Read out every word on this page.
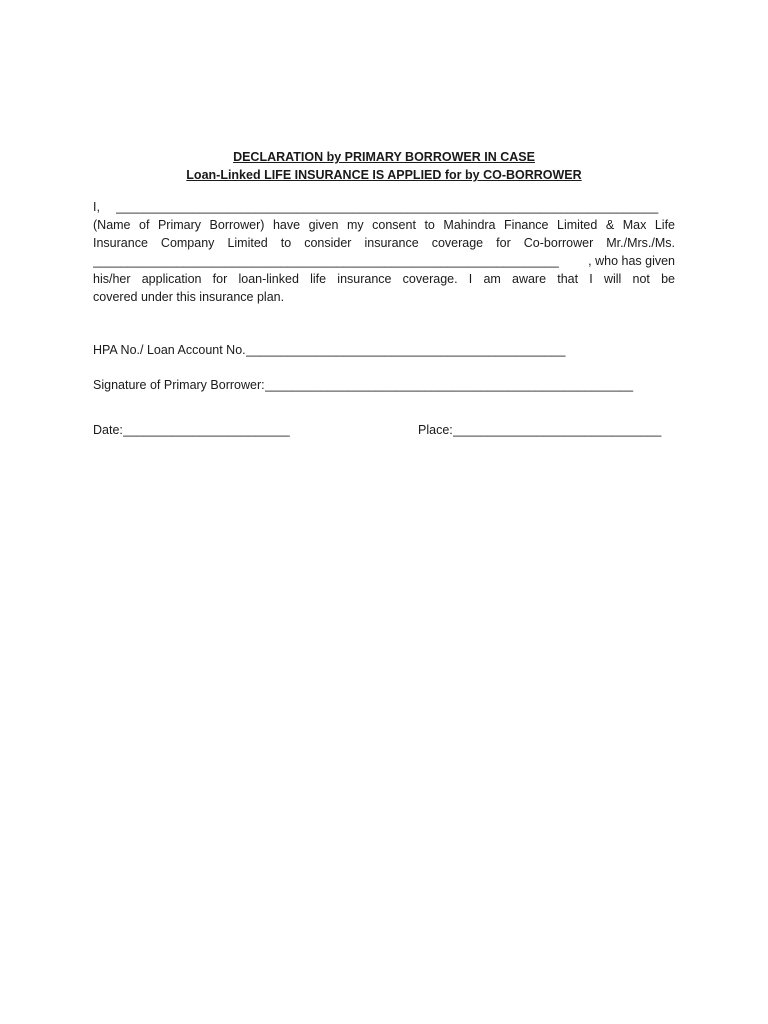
DECLARATION by PRIMARY BORROWER IN CASE
Loan-Linked LIFE INSURANCE IS APPLIED for by CO-BORROWER
I, ______________________________________________________________________________
(Name of Primary Borrower) have given my consent to Mahindra Finance Limited & Max Life
Insurance Company Limited to consider insurance coverage for Co-borrower Mr./Mrs./Ms.
___________________________________________________________________	, who has given
his/her application for loan-linked life insurance coverage. I am aware that I will not be
covered under this insurance plan.
HPA No./ Loan Account No. ______________________________________________
Signature of Primary Borrower: _____________________________________________________
Date: ________________________	Place: ______________________________
